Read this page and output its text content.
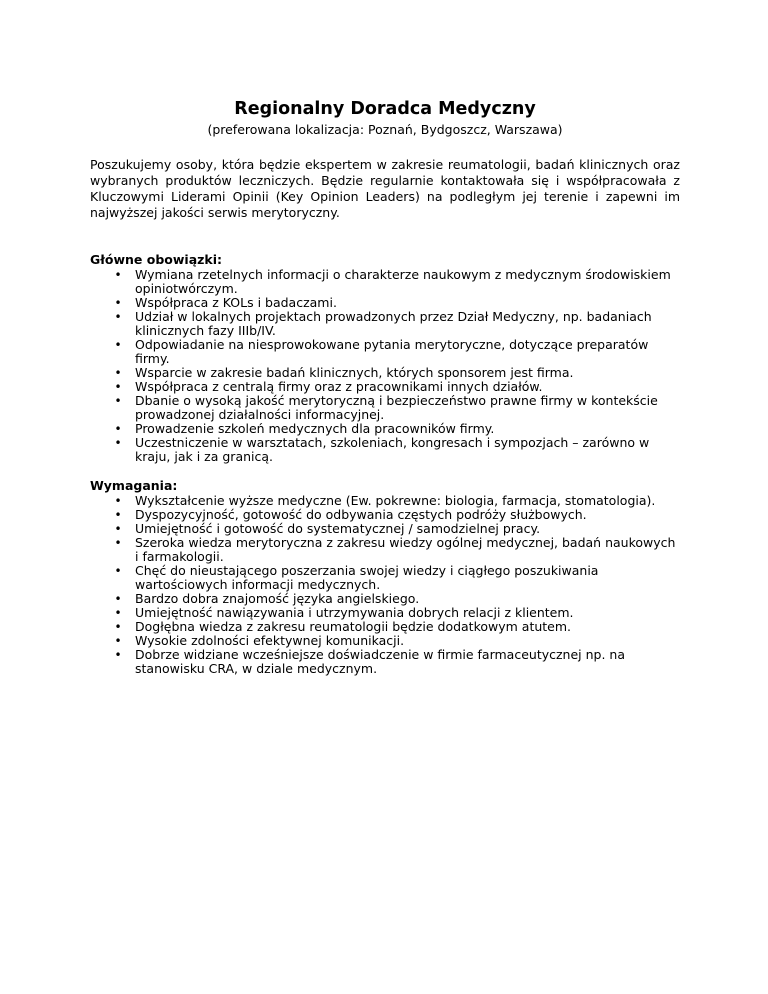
Regionalny Doradca Medyczny

(preferowana lokalizacja: Poznań, Bydgoszcz, Warszawa)

Poszukujemy osoby, która będzie ekspertem w zakresie reumatologii, badań klinicznych oraz wybranych produktów leczniczych. Będzie regularnie kontaktowała się i współpracowała z Kluczowymi Liderami Opinii (Key Opinion Leaders) na podległym jej terenie i zapewni im najwyższej jakości serwis merytoryczny.

Główne obowiązki:

• Wymiana rzetelnych informacji o charakterze naukowym z medycznym środowiskiem opiniotwórczym.
• Współpraca z KOLs i badaczami.
• Udział w lokalnych projektach prowadzonych przez Dział Medyczny, np. badaniach klinicznych fazy IIIb/IV.
• Odpowiadanie na niesprowokowane pytania merytoryczne, dotyczące preparatów firmy.
• Wsparcie w zakresie badań klinicznych, których sponsorem jest firma.
• Współpraca z centralą firmy oraz z pracownikami innych działów.
• Dbanie o wysoką jakość merytoryczną i bezpieczeństwo prawne firmy w kontekście prowadzonej działalności informacyjnej.
• Prowadzenie szkoleń medycznych dla pracowników firmy.
• Uczestniczenie w warsztatach, szkoleniach, kongresach i sympozjach – zarówno w kraju, jak i za granicą.

Wymagania:

• Wykształcenie wyższe medyczne (Ew. pokrewne: biologia, farmacja, stomatologia).
• Dyspozycyjność, gotowość do odbywania częstych podróży służbowych.
• Umiejętność i gotowość do systematycznej / samodzielnej pracy.
• Szeroka wiedza merytoryczna z zakresu wiedzy ogólnej medycznej, badań naukowych i farmakologii.
• Chęć do nieustającego poszerzania swojej wiedzy i ciągłego poszukiwania wartościowych informacji medycznych.
• Bardzo dobra znajomość języka angielskiego.
• Umiejętność nawiązywania i utrzymywania dobrych relacji z klientem.
• Dogłębna wiedza z zakresu reumatologii będzie dodatkowym atutem.
• Wysokie zdolności efektywnej komunikacji.
• Dobrze widziane wcześniejsze doświadczenie w firmie farmaceutycznej np. na stanowisku CRA, w dziale medycznym.
